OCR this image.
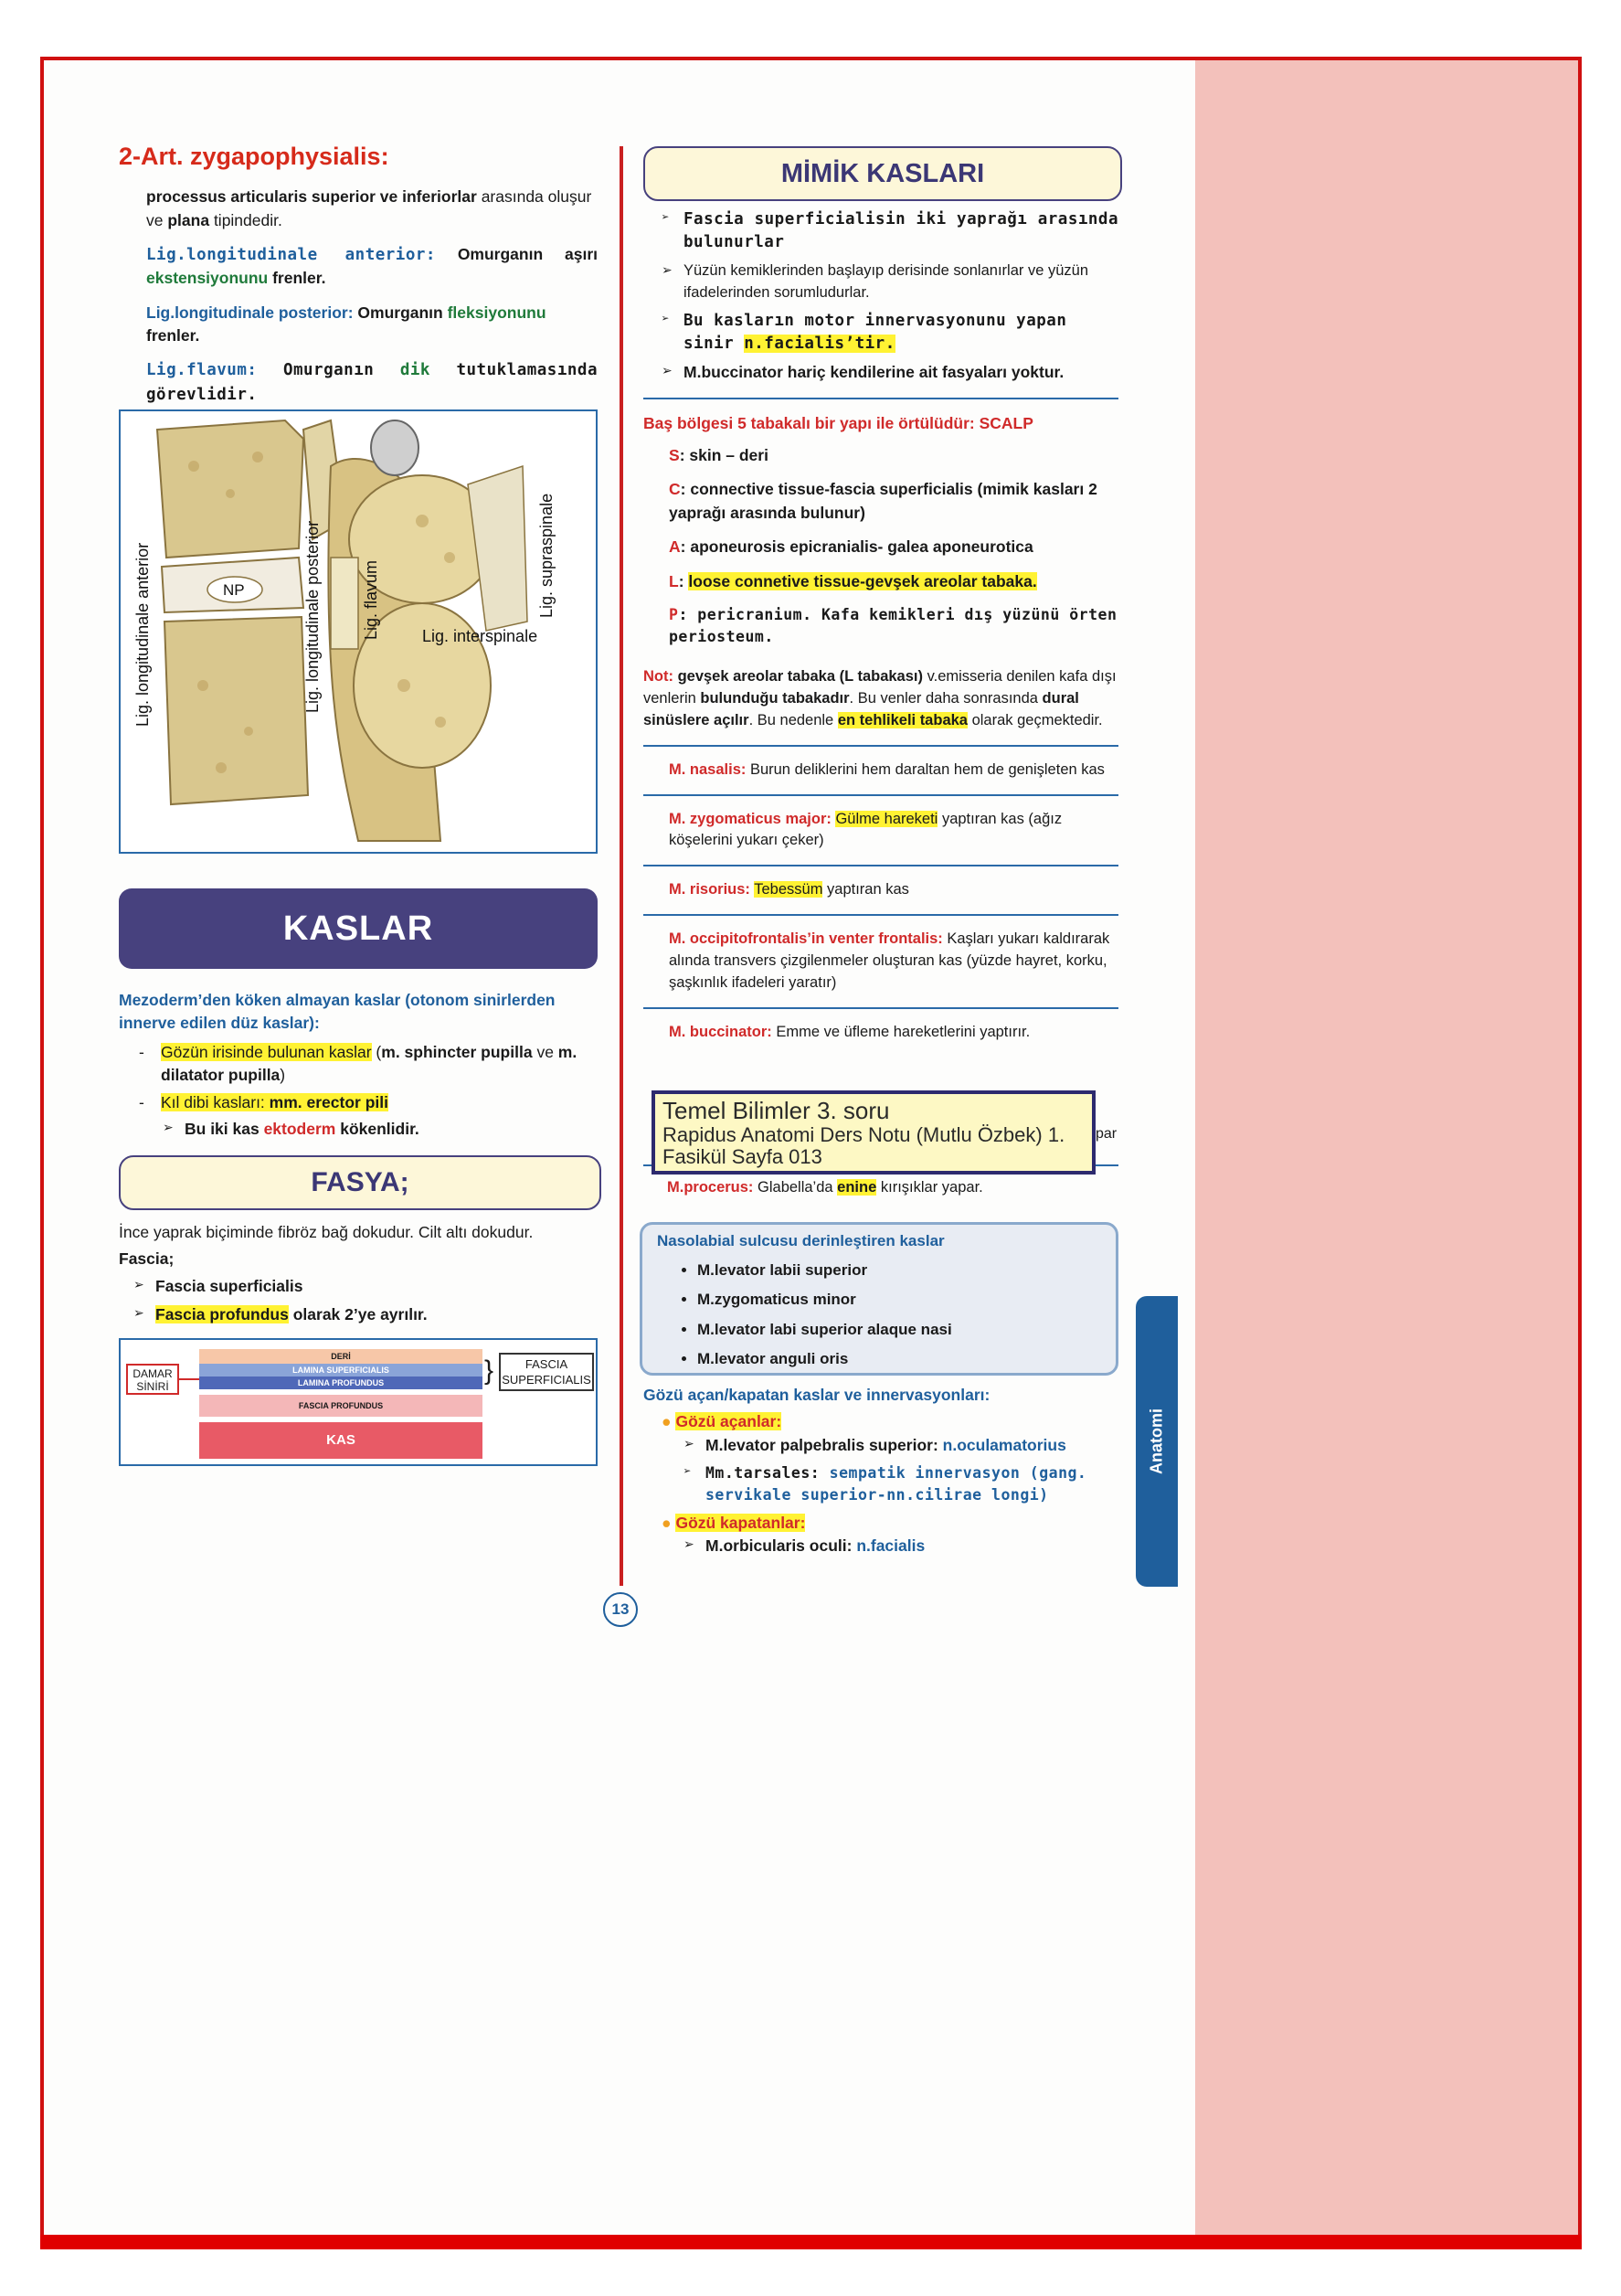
2-Art. zygapophysialis:

processus articularis superior ve inferiorlar arasında oluşur ve plana tipindedir.

Lig.longitudinale anterior: Omurganın aşırı ekstensiyonunu frenler.

Lig.longitudinale posterior: Omurganın fleksiyonunu frenler.

Lig.flavum: Omurganın dik tutuklamasında görevlidir.

NP
Lig. longitudinale anterior	Lig. longitudinale posterior Lig. flavum	Lig. supraspinale
Lig. interspinale
KASLAR
Mezoderm’den köken almayan kaslar (otonom sinirlerden innerve edilen düz kaslar):
- Gözün irisinde bulunan kaslar (m. sphincter pupilla ve m. dilatator pupilla)
- Kıl dibi kasları: mm. erector pili
➢ Bu iki kas ektoderm kökenlidir.
FASYA;
İnce yaprak biçiminde fibröz bağ dokudur. Cilt altı dokudur.
Fascia;
➢ Fascia superficialis
➢ Fascia profundus olarak 2’ye ayrılır.
DERİ
LAMINA SUPERFICIALIS
LAMINA PROFUNDUS
FASCIA PROFUNDUS
KAS
DAMAR SİNİRİ
}	FASCIA SUPERFICIALIS
MİMİK KASLARI
➢ Fascia superficialisin iki yaprağı arasında bulunurlar
➢ Yüzün kemiklerinden başlayıp derisinde sonlanırlar ve yüzün ifadelerinden sorumludurlar.
➢ Bu kasların motor innervasyonunu yapan sinir n.facialis’tir.
➢ M.buccinator hariç kendilerine ait fasyaları yoktur.
Baş bölgesi 5 tabakalı bir yapı ile örtülüdür: SCALP

S: skin – deri

C: connective tissue-fascia superficialis (mimik kasları 2 yaprağı arasında bulunur)

A: aponeurosis epicranialis- galea aponeurotica

L: loose connetive tissue-gevşek areolar tabaka.

P: pericranium. Kafa kemikleri dış yüzünü örten periosteum.

Not: gevşek areolar tabaka (L tabakası) v.emisseria denilen kafa dışı venlerin bulunduğu tabakadır. Bu venler daha sonrasında dural sinüslere açılır. Bu nedenle en tehlikeli tabaka olarak geçmektedir.

M. nasalis: Burun deliklerini hem daraltan hem de genişleten kas

M. zygomaticus major: Gülme hareketi yaptıran kas (ağız köşelerini yukarı çeker)

M. risorius: Tebessüm yaptıran kas

M. occipitofrontalis’in venter frontalis: Kaşları yukarı kaldırarak alında transvers çizgilenmeler oluşturan kas (yüzde hayret, korku, şaşkınlık ifadeleri yaratır)

M. buccinator: Emme ve üfleme hareketlerini yaptırır.

par
M.procerus: Glabella’da enine kırışıklar yapar.
Temel Bilimler 3. soru
Rapidus Anatomi Ders Notu (Mutlu Özbek) 1. Fasikül Sayfa 013
Nasolabial sulcusu derinleştiren kaslar
• M.levator labii superior
• M.zygomaticus minor
• M.levator labi superior alaque nasi
• M.levator anguli oris
Gözü açan/kapatan kaslar ve innervasyonları:
● Gözü açanlar:
➢ M.levator palpebralis superior: n.oculamatorius
➢ Mm.tarsales: sempatik innervasyon (gang. servikale superior-nn.cilirae longi)
● Gözü kapatanlar:
➢ M.orbicularis oculi: n.facialis
Anatomi
13
